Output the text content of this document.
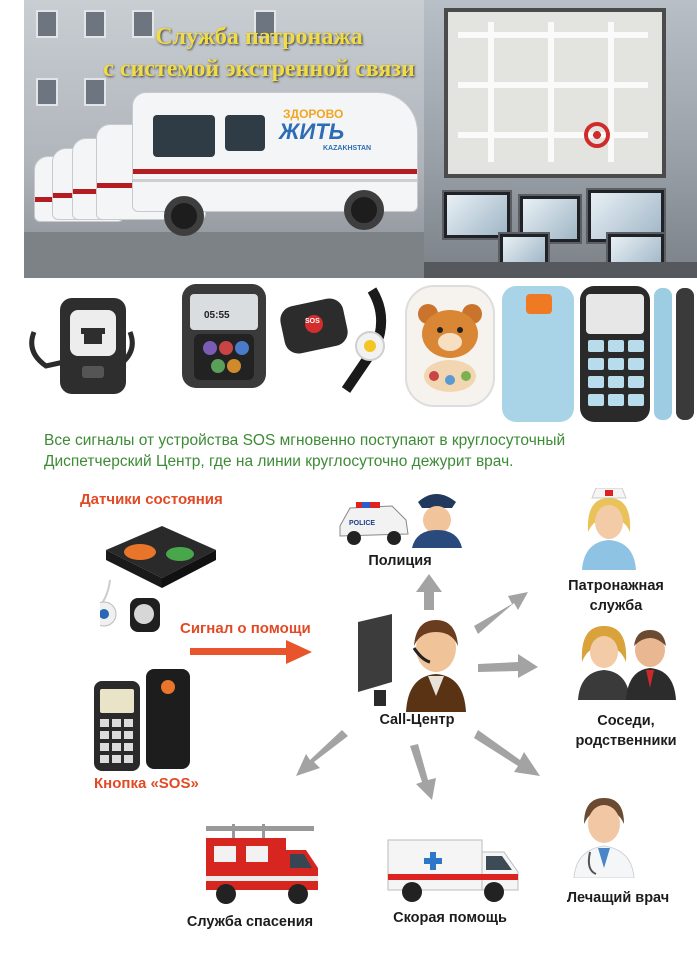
ЗДОРОВО
ЖИТЬ
KAZAKHSTAN
Служба патронажа
с системой экстренной связи
05:55
SOS
Все сигналы от устройства SOS мгновенно поступают в круглосуточный
Диспетчерский Центр, где на линии круглосуточно дежурит врач.
Датчики состояния
Сигнал о помощи
Кнопка «SOS»
Call-Центр
POLICE
Полиция
Патронажная
служба
Соседи,
родственники
Лечащий врач
Скорая помощь
Служба спасения
